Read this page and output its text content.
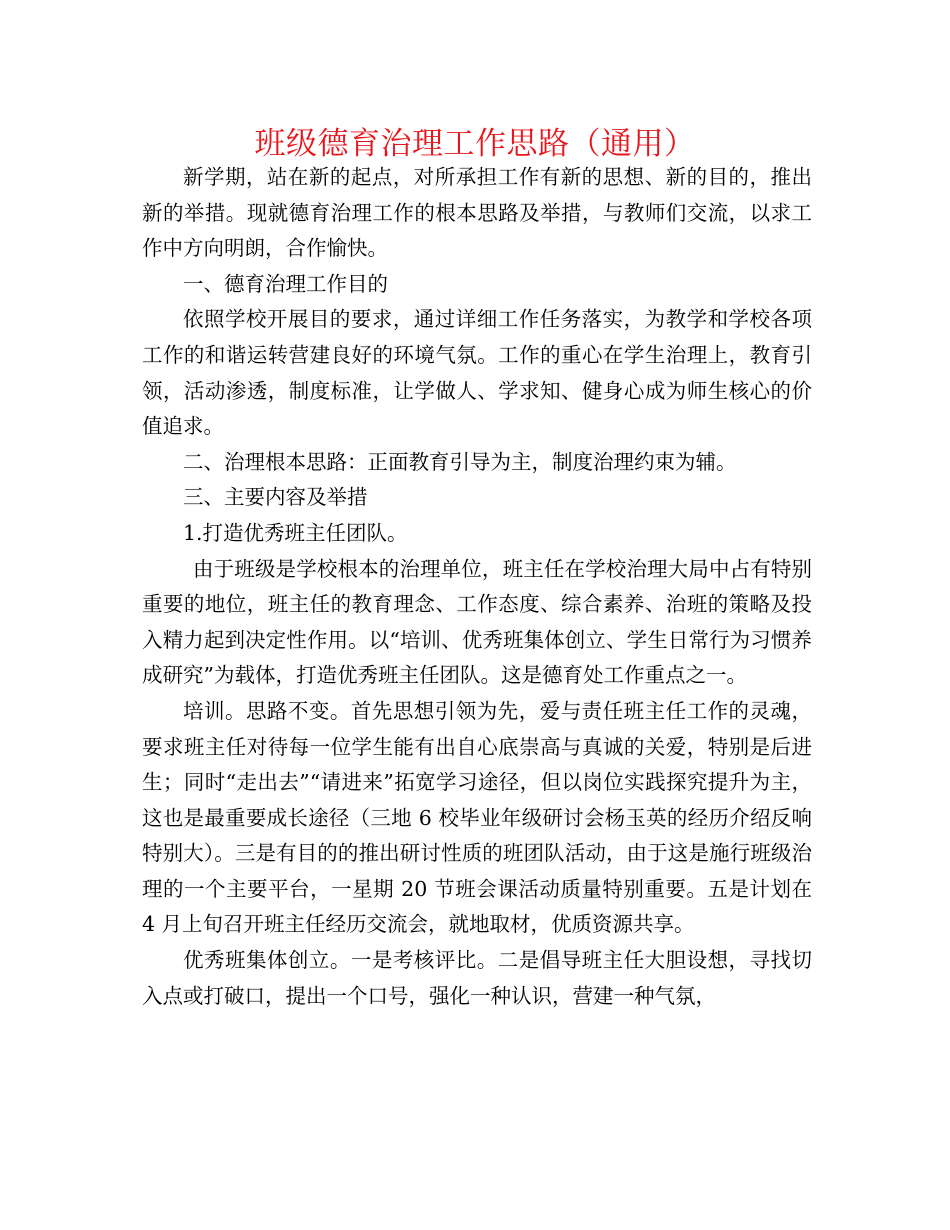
班级德育治理工作思路（通用）

新学期，站在新的起点，对所承担工作有新的思想、新的目的，推出新的举措。现就德育治理工作的根本思路及举措，与教师们交流，以求工作中方向明朗，合作愉快。

一、德育治理工作目的

依照学校开展目的要求，通过详细工作任务落实，为教学和学校各项工作的和谐运转营建良好的环境气氛。工作的重心在学生治理上，教育引领，活动渗透，制度标准，让学做人、学求知、健身心成为师生核心的价值追求。

二、治理根本思路：正面教育引导为主，制度治理约束为辅。

三、主要内容及举措

1.打造优秀班主任团队。

由于班级是学校根本的治理单位，班主任在学校治理大局中占有特别重要的地位，班主任的教育理念、工作态度、综合素养、治班的策略及投入精力起到决定性作用。以“培训、优秀班集体创立、学生日常行为习惯养成研究”为载体，打造优秀班主任团队。这是德育处工作重点之一。

培训。思路不变。首先思想引领为先，爱与责任班主任工作的灵魂，要求班主任对待每一位学生能有出自心底崇高与真诚的关爱，特别是后进生；同时“走出去”“请进来”拓宽学习途径，但以岗位实践探究提升为主，这也是最重要成长途径（三地 6 校毕业年级研讨会杨玉英的经历介绍反响特别大）。三是有目的的推出研讨性质的班团队活动，由于这是施行班级治理的一个主要平台，一星期 20 节班会课活动质量特别重要。五是计划在 4 月上旬召开班主任经历交流会，就地取材，优质资源共享。

优秀班集体创立。一是考核评比。二是倡导班主任大胆设想，寻找切入点或打破口，提出一个口号，强化一种认识，营建一种气氛，
